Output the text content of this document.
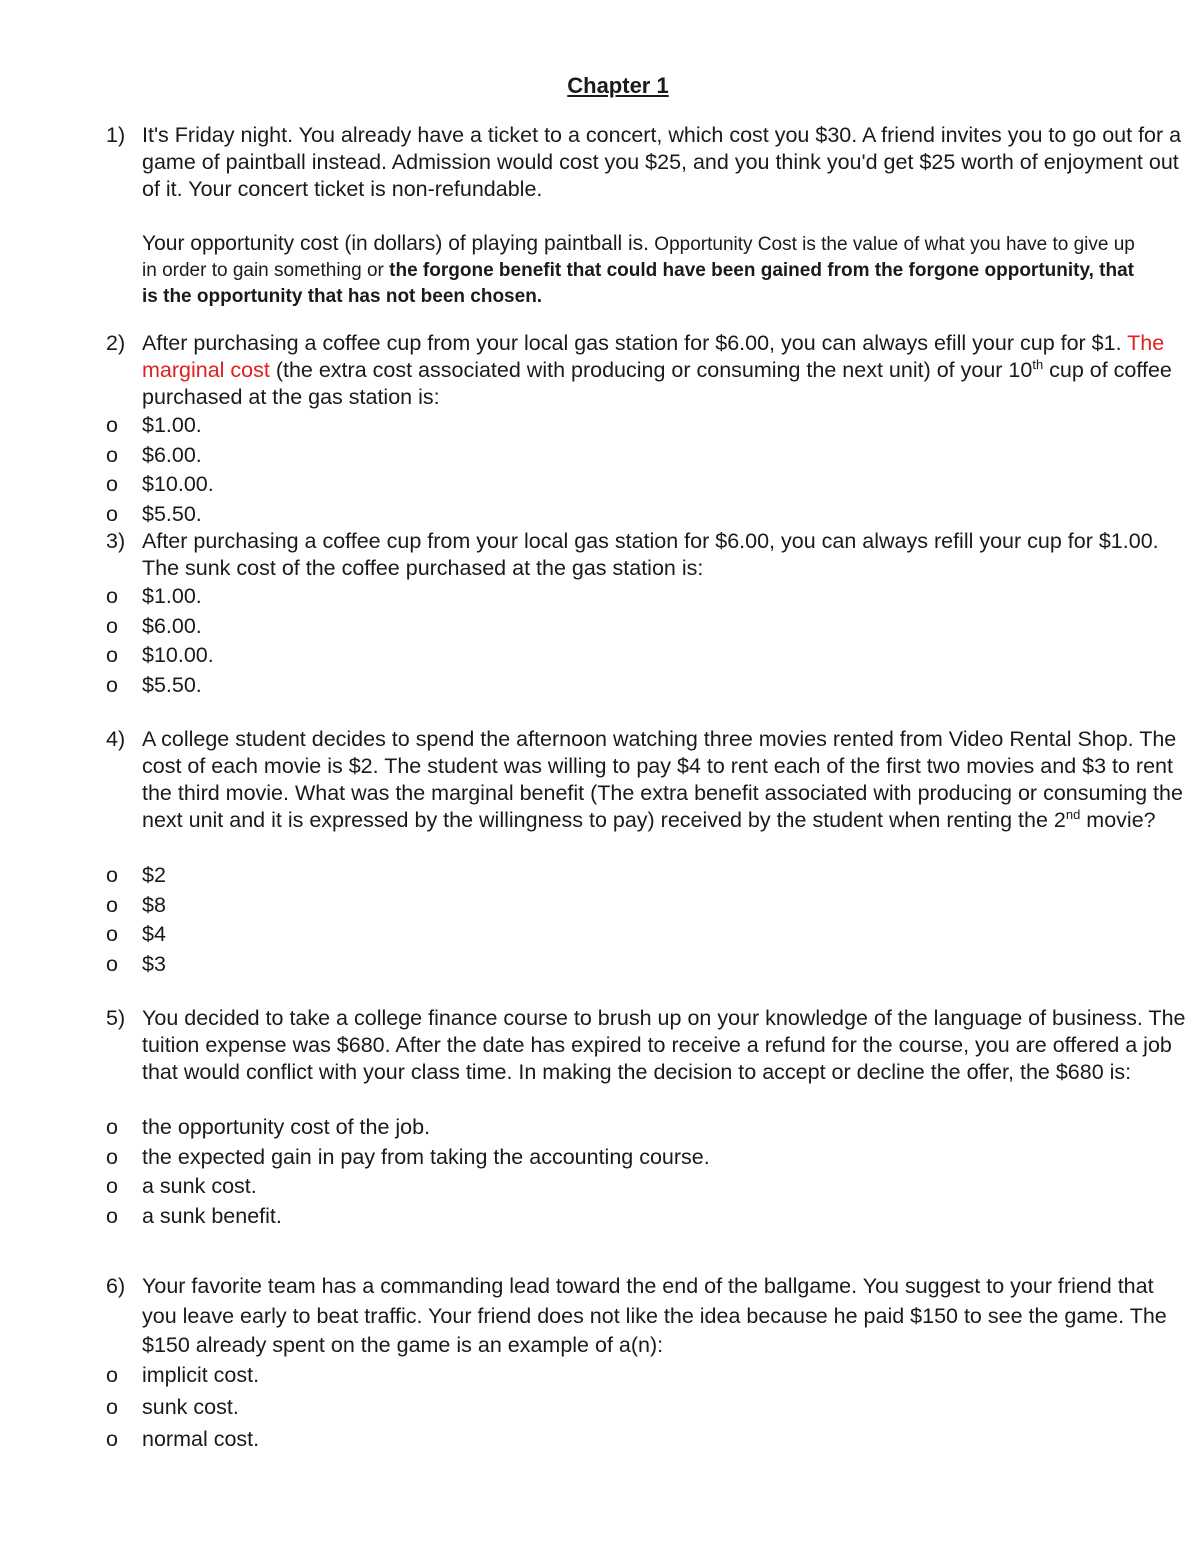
Chapter 1
1) It's Friday night. You already have a ticket to a concert, which cost you $30. A friend invites you to go out for a game of paintball instead. Admission would cost you $25, and you think you'd get $25 worth of enjoyment out of it. Your concert ticket is non-refundable.
Your opportunity cost (in dollars) of playing paintball is. Opportunity Cost is the value of what you have to give up in order to gain something or the forgone benefit that could have been gained from the forgone opportunity, that is the opportunity that has not been chosen.
2) After purchasing a coffee cup from your local gas station for $6.00, you can always efill your cup for $1. The marginal cost (the extra cost associated with producing or consuming the next unit) of your 10th cup of coffee purchased at the gas station is:
o $1.00.
o $6.00.
o $10.00.
o $5.50.
3) After purchasing a coffee cup from your local gas station for $6.00, you can always refill your cup for $1.00. The sunk cost of the coffee purchased at the gas station is:
o $1.00.
o $6.00.
o $10.00.
o $5.50.
4) A college student decides to spend the afternoon watching three movies rented from Video Rental Shop. The cost of each movie is $2. The student was willing to pay $4 to rent each of the first two movies and $3 to rent the third movie. What was the marginal benefit (The extra benefit associated with producing or consuming the next unit and it is expressed by the willingness to pay) received by the student when renting the 2nd movie?
o $2
o $8
o $4
o $3
5) You decided to take a college finance course to brush up on your knowledge of the language of business. The tuition expense was $680. After the date has expired to receive a refund for the course, you are offered a job that would conflict with your class time. In making the decision to accept or decline the offer, the $680 is:
o the opportunity cost of the job.
o the expected gain in pay from taking the accounting course.
o a sunk cost.
o a sunk benefit.
6) Your favorite team has a commanding lead toward the end of the ballgame. You suggest to your friend that you leave early to beat traffic. Your friend does not like the idea because he paid $150 to see the game. The $150 already spent on the game is an example of a(n):
o implicit cost.
o sunk cost.
o normal cost.
